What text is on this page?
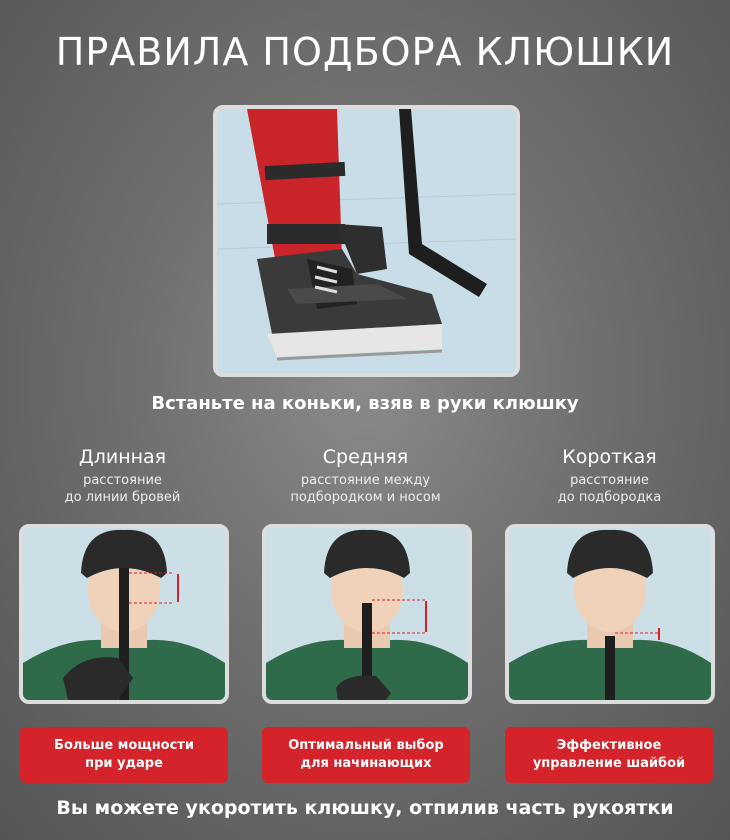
ПРАВИЛА ПОДБОРА КЛЮШКИ
Встаньте на коньки, взяв в руки клюшку
Длинная
расстояние
до линии бровей
Средняя
расстояние между
подбородком и носом
Короткая
расстояние
до подбородка
Больше мощности
при ударе
Оптимальный выбор
для начинающих
Эффективное
управление шайбой
Вы можете укоротить клюшку, отпилив часть рукоятки
